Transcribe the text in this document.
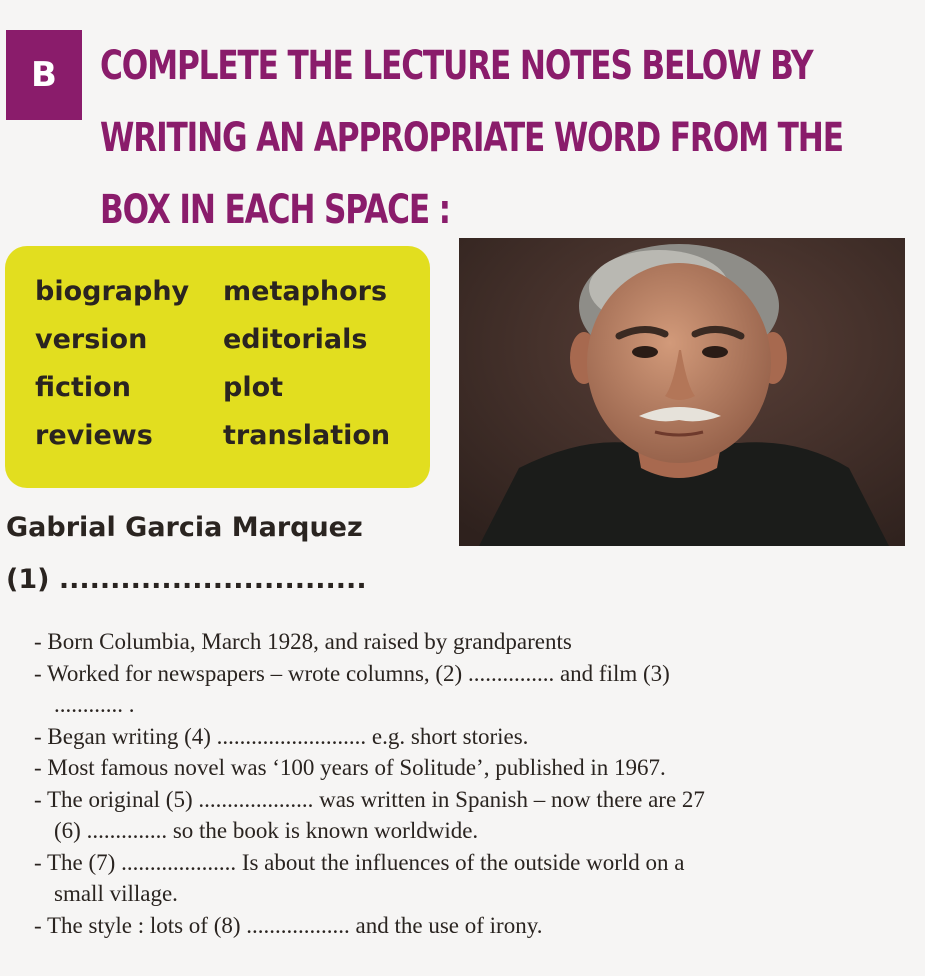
B	COMPLETE THE LECTURE NOTES BELOW BY
WRITING AN APPROPRIATE WORD FROM THE
BOX IN EACH SPACE :
biography
version
fiction
reviews
metaphors
editorials
plot
translation
Gabrial Garcia Marquez
(1) ..............................
- Born Columbia, March 1928, and raised by grandparents
- Worked for newspapers – wrote columns, (2) ............... and film (3)
............ .
- Began writing (4) .......................... e.g. short stories.
- Most famous novel was ‘100 years of Solitude’, published in 1967.
- The original (5) .................... was written in Spanish – now there are 27
(6) .............. so the book is known worldwide.
- The (7) .................... Is about the influences of the outside world on a
small village.
- The style : lots of (8) .................. and the use of irony.
